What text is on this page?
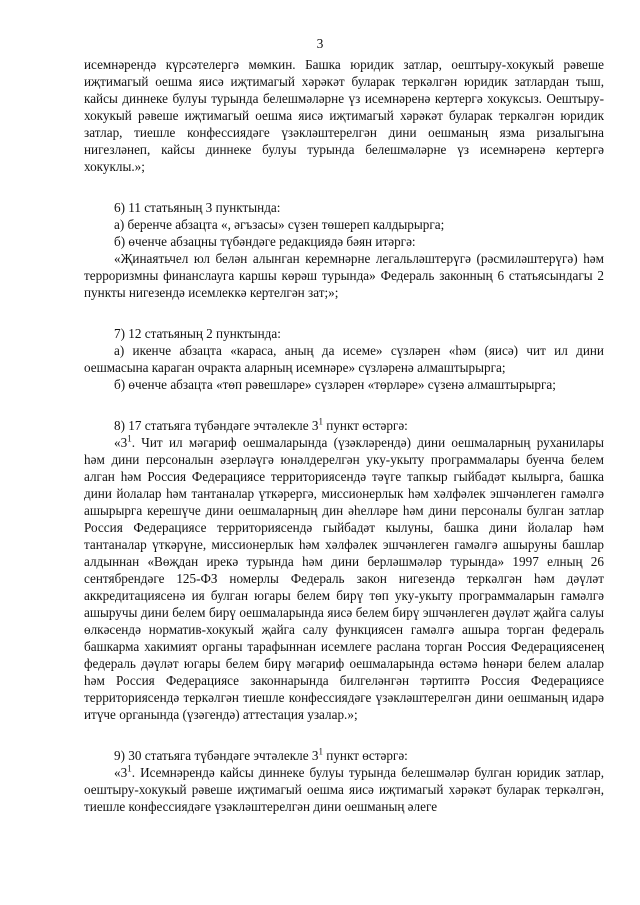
3

исемнәрендә күрсәтелергә мөмкин. Башка юридик затлар, оештыру-хокукый рәвеше иҗтимагый оешма яисә иҗтимагый хәрәкәт буларак теркәлгән юридик затлардан тыш, кайсы диннеке булуы турында белешмәләрне үз исемнәренә кертергә хокуксыз. Оештыру-хокукый рәвеше иҗтимагый оешма яисә иҗтимагый хәрәкәт буларак теркәлгән юридик затлар, тиешле конфессиядәге үзәкләштерелгән дини оешманың язма ризалыгына нигезләнеп, кайсы диннеке булуы турында белешмәләрне үз исемнәренә кертергә хокуклы.»;

6) 11 статьяның 3 пунктында:

а) беренче абзацта «, әгъзасы» сүзен төшереп калдырырга;

б) өченче абзацны түбәндәге редакциядә бәян итәргә:

«Җинаятьчел юл белән алынган керемнәрне легальләштерүгә (рәсмиләштерүгә) һәм терроризмны финанслауга каршы көрәш турында» Федераль законның 6 статьясындагы 2 пункты нигезендә исемлеккә кертелгән зат;»;

7) 12 статьяның 2 пунктында:

а) икенче абзацта «караса, аның да исеме» сүзләрен «һәм (яисә) чит ил дини оешмасына караган очракта аларның исемнәре» сүзләренә алмаштырырга;

б) өченче абзацта «төп рәвешләре» сүзләрен «төрләре» сүзенә алмаштырырга;

8) 17 статьяга түбәндәге эчтәлекле $3^1$ пункт өстәргә:

«$3^1$. Чит ил мәгариф оешмаларында (үзәкләрендә) дини оешмаларның руханилары һәм дини персоналын әзерләүгә юнәлдерелгән уку-укыту программалары буенча белем алган һәм Россия Федерациясе территориясендә тәүге тапкыр гыйбадәт кылырга, башка дини йолалар һәм тантаналар үткәрергә, миссионерлык һәм хәлфәлек эшчәнлеген гамәлгә ашырырга керешүче дини оешмаларның дин әһелләре һәм дини персоналы булган затлар Россия Федерациясе территориясендә гыйбадәт кылуны, башка дини йолалар һәм тантаналар үткәрүне, миссионерлык һәм хәлфәлек эшчәнлеген гамәлгә ашыруны башлар алдыннан «Вөҗдан ирекә турында һәм дини берләшмәләр турында» 1997 елның 26 сентябрендәге 125-ФЗ номерлы Федераль закон нигезендә теркәлгән һәм дәүләт аккредитациясенә ия булган югары белем бирү төп уку-укыту программаларын гамәлгә ашыручы дини белем бирү оешмаларында яисә белем бирү эшчәнлеген дәүләт җайга салуы өлкәсендә норматив-хокукый җайга салу функциясен гамәлгә ашыра торган федераль башкарма хакимият органы тарафыннан исемлеге раслана торган Россия Федерациясенең федераль дәүләт югары белем бирү мәгариф оешмаларында өстәмә һөнәри белем алалар һәм Россия Федерациясе законнарында билгеләнгән тәртиптә Россия Федерациясе территориясендә теркәлгән тиешле конфессиядәге үзәкләштерелгән дини оешманың идарә итүче органында (үзәгендә) аттестация узалар.»;

9) 30 статьяга түбәндәге эчтәлекле $3^1$ пункт өстәргә:

«$3^1$. Исемнәрендә кайсы диннеке булуы турында белешмәләр булган юридик затлар, оештыру-хокукый рәвеше иҗтимагый оешма яисә иҗтимагый хәрәкәт буларак теркәлгән, тиешле конфессиядәге үзәкләштерелгән дини оешманың әлеге
